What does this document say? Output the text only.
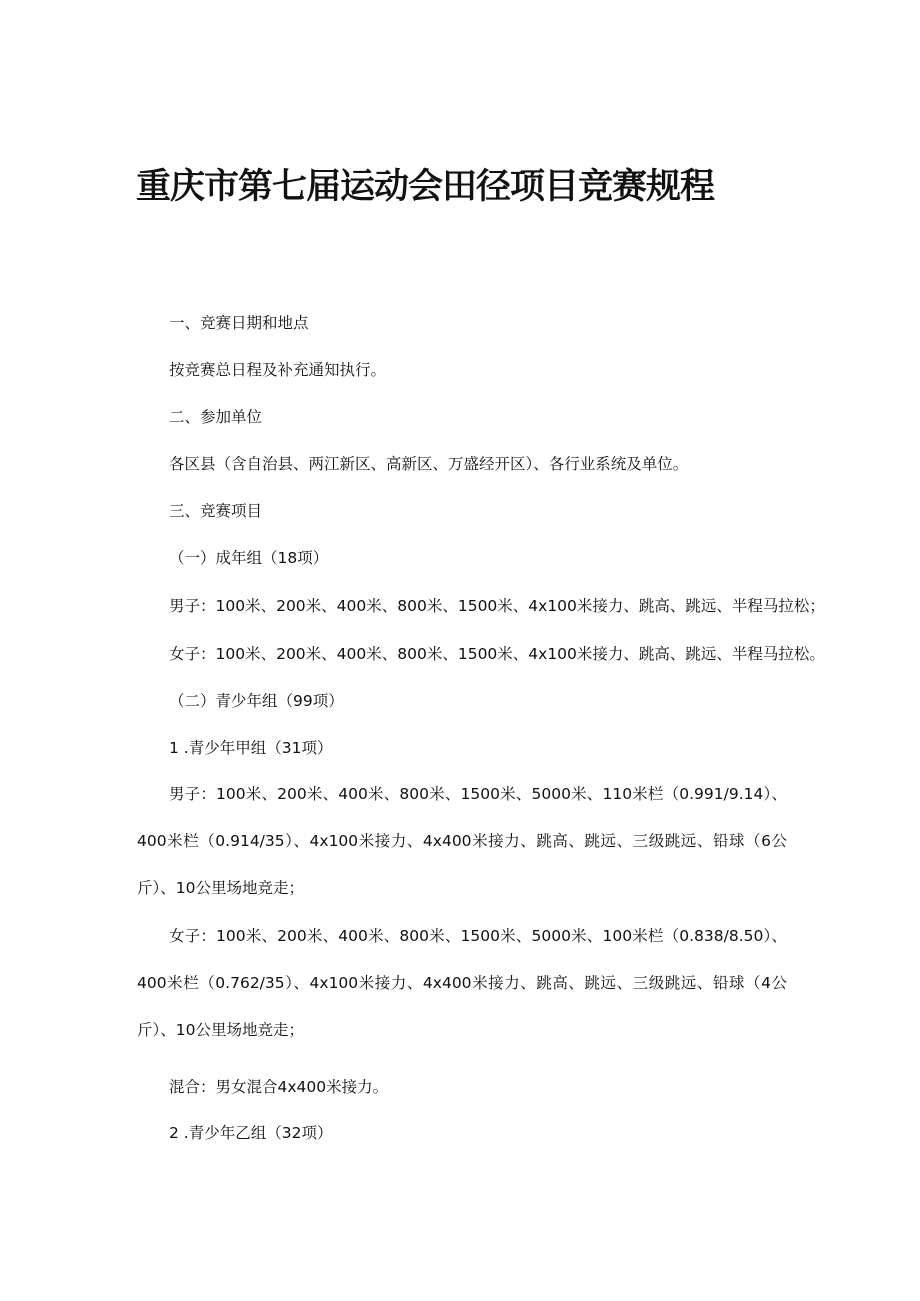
重庆市第七届运动会田径项目竞赛规程
一、竞赛日期和地点
按竞赛总日程及补充通知执行。
二、参加单位
各区县（含自治县、两江新区、高新区、万盛经开区）、各行业系统及单位。
三、竞赛项目
（一）成年组（18项）
男子：100米、200米、400米、800米、1500米、4x100米接力、跳高、跳远、半程马拉松；
女子：100米、200米、400米、800米、1500米、4x100米接力、跳高、跳远、半程马拉松。
（二）青少年组（99项）
1 .青少年甲组（31项）
男子：100米、200米、400米、800米、1500米、5000米、110米栏（0.991/9.14）、400米栏（0.914/35）、4x100米接力、4x400米接力、跳高、跳远、三级跳远、铅球（6公斤）、10公里场地竞走；
女子：100米、200米、400米、800米、1500米、5000米、100米栏（0.838/8.50）、400米栏（0.762/35）、4x100米接力、4x400米接力、跳高、跳远、三级跳远、铅球（4公斤）、10公里场地竞走；
混合：男女混合4x400米接力。
2 .青少年乙组（32项）
